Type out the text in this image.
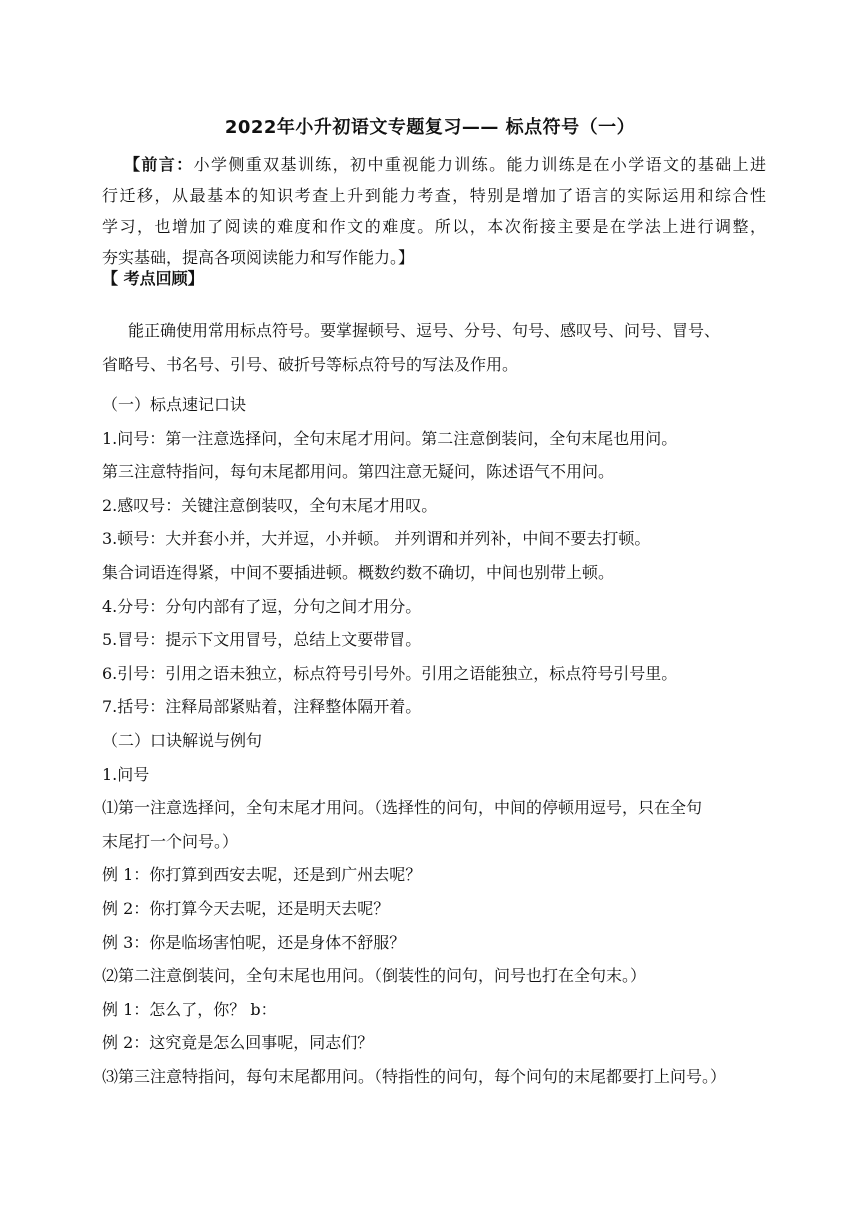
2022年小升初语文专题复习—— 标点符号（一）

【前言：小学侧重双基训练，初中重视能力训练。能力训练是在小学语文的基础上进

行迁移，从最基本的知识考查上升到能力考查，特别是增加了语言的实际运用和综合性

学习，也增加了阅读的难度和作文的难度。所以，本次衔接主要是在学法上进行调整，

夯实基础，提高各项阅读能力和写作能力。】

【 考点回顾】

能正确使用常用标点符号。要掌握顿号、逗号、分号、句号、感叹号、问号、冒号、

省略号、书名号、引号、破折号等标点符号的写法及作用。

（一）标点速记口诀

1.问号：第一注意选择问，全句末尾才用问。第二注意倒装问，全句末尾也用问。

第三注意特指问，每句末尾都用问。第四注意无疑问，陈述语气不用问。

2.感叹号：关键注意倒装叹，全句末尾才用叹。

3.顿号：大并套小并，大并逗，小并顿。 并列谓和并列补，中间不要去打顿。

集合词语连得紧，中间不要插进顿。概数约数不确切，中间也别带上顿。

4.分号：分句内部有了逗，分句之间才用分。

5.冒号：提示下文用冒号，总结上文要带冒。

6.引号：引用之语未独立，标点符号引号外。引用之语能独立，标点符号引号里。

7.括号：注释局部紧贴着，注释整体隔开着。

（二）口诀解说与例句

1.问号

⑴第一注意选择问，全句末尾才用问。（选择性的问句，中间的停顿用逗号，只在全句

末尾打一个问号。）

例 1：你打算到西安去呢，还是到广州去呢？

例 2：你打算今天去呢，还是明天去呢？

例 3：你是临场害怕呢，还是身体不舒服？

⑵第二注意倒装问，全句末尾也用问。（倒装性的问句，问号也打在全句末。）

例 1：怎么了，你？ b：

例 2：这究竟是怎么回事呢，同志们？

⑶第三注意特指问，每句末尾都用问。（特指性的问句，每个问句的末尾都要打上问号。）
